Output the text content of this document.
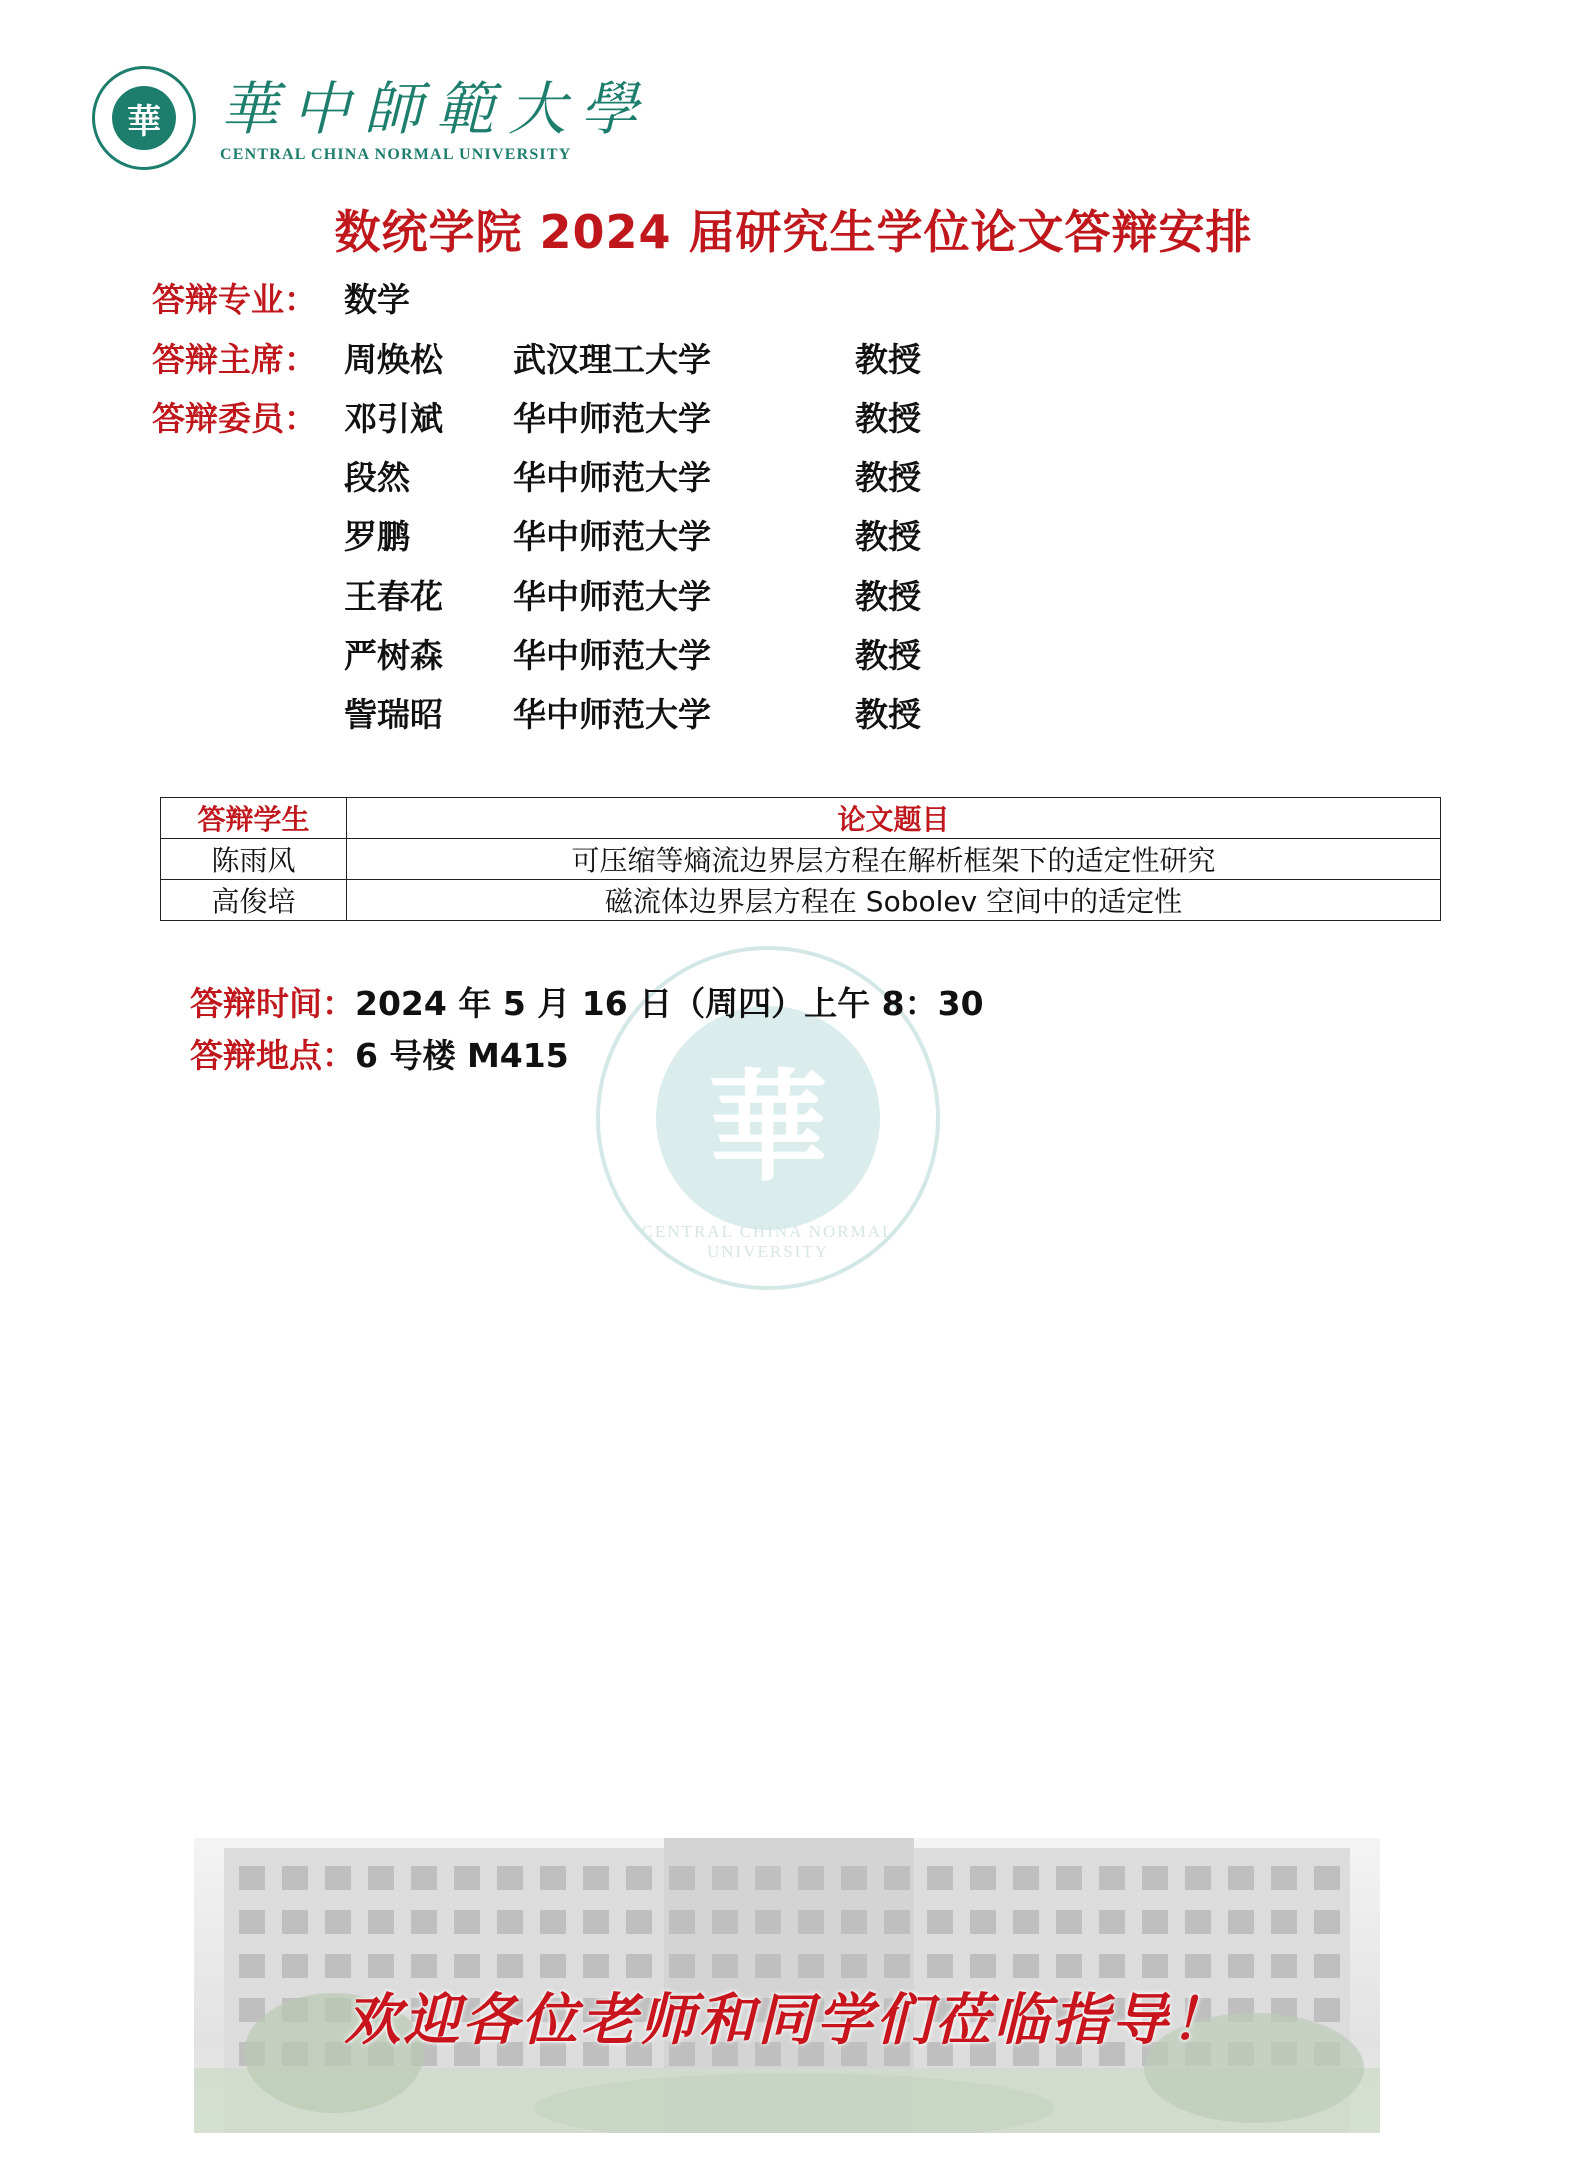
華 華中師範大學
CENTRAL CHINA NORMAL UNIVERSITY
数统学院 2024 届研究生学位论文答辩安排
答辩专业： 数学
答辩主席： 周焕松 武汉理工大学	教授
答辩委员： 邓引斌 华中师范大学	教授
段然	华中师范大学	教授
罗鹏	华中师范大学	教授
王春花 华中师范大学	教授
严树森 华中师范大学	教授
訾瑞昭 华中师范大学	教授
答辩学生	论文题目
陈雨风	可压缩等熵流边界层方程在解析框架下的适定性研究
高俊培	磁流体边界层方程在 Sobolev 空间中的适定性
華
CENTRAL CHINA NORMAL UNIVERSITY
答辩时间：2024 年 5 月 16 日（周四）上午 8：30
答辩地点：6 号楼 M415
欢迎各位老师和同学们莅临指导！
